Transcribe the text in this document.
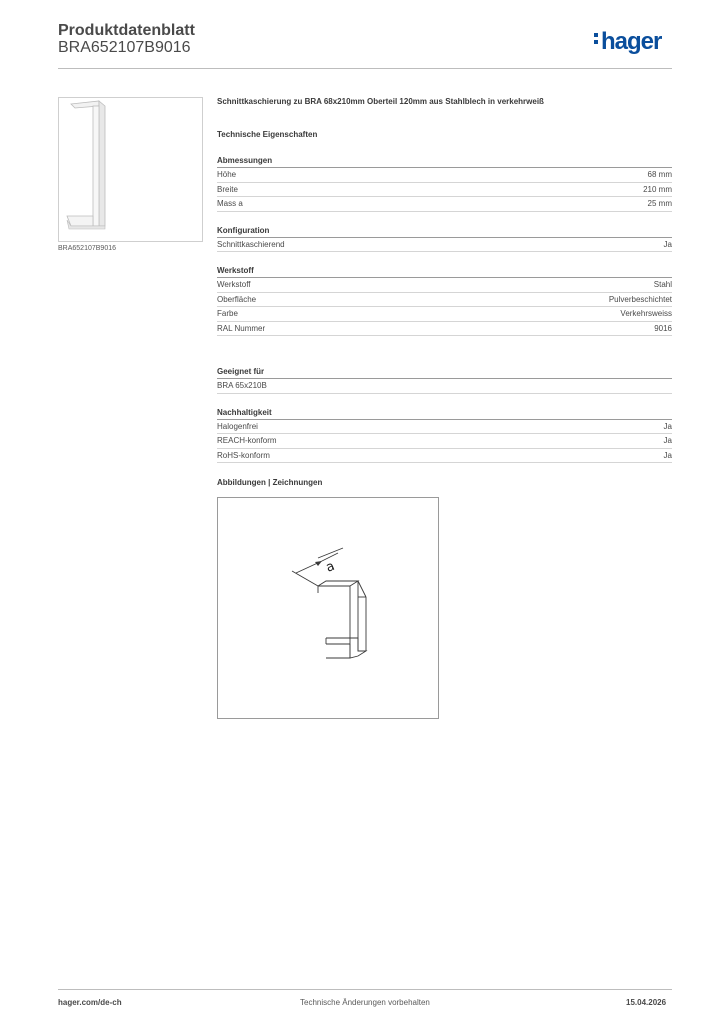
Produktdatenblatt
BRA652107B9016	hager
BRA652107B9016
Schnittkaschierung zu BRA 68x210mm Oberteil 120mm aus Stahlblech in verkehrweiß
Technische Eigenschaften
Abmessungen
Höhe	68 mm
Breite	210 mm
Mass a	25 mm
Konfiguration
Schnittkaschierend	Ja
Werkstoff
Werkstoff	Stahl
Oberfläche	Pulverbeschichtet
Farbe	Verkehrsweiss
RAL Nummer	9016
Geeignet für
BRA 65x210B
Nachhaltigkeit
Halogenfrei	Ja
REACH-konform	Ja
RoHS-konform	Ja
Abbildungen | Zeichnungen
a
hager.com/de-ch	Technische Änderungen vorbehalten	15.04.2026
